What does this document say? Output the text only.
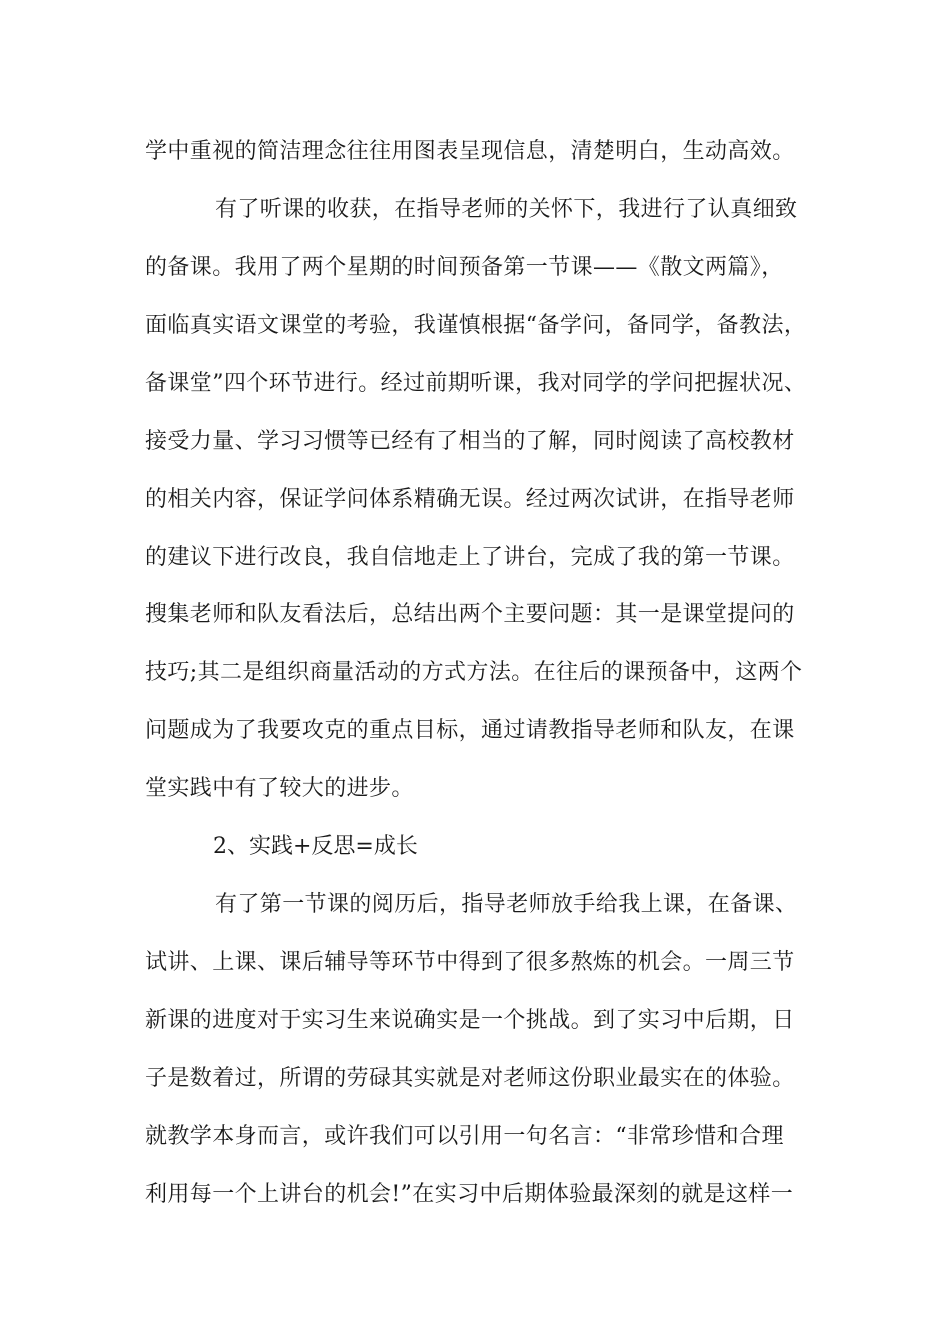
学中重视的简洁理念往往用图表呈现信息，清楚明白，生动高效。
有了听课的收获，在指导老师的关怀下，我进行了认真细致
的备课。我用了两个星期的时间预备第一节课——《散文两篇》，
面临真实语文课堂的考验，我谨慎根据“备学问，备同学，备教法，
备课堂”四个环节进行。经过前期听课，我对同学的学问把握状况、
接受力量、学习习惯等已经有了相当的了解，同时阅读了高校教材
的相关内容，保证学问体系精确无误。经过两次试讲，在指导老师
的建议下进行改良，我自信地走上了讲台，完成了我的第一节课。
搜集老师和队友看法后，总结出两个主要问题：其一是课堂提问的
技巧;其二是组织商量活动的方式方法。在往后的课预备中，这两个
问题成为了我要攻克的重点目标，通过请教指导老师和队友，在课
堂实践中有了较大的进步。
2、实践+反思=成长
有了第一节课的阅历后，指导老师放手给我上课，在备课、
试讲、上课、课后辅导等环节中得到了很多熬炼的机会。一周三节
新课的进度对于实习生来说确实是一个挑战。到了实习中后期，日
子是数着过，所谓的劳碌其实就是对老师这份职业最实在的体验。
就教学本身而言，或许我们可以引用一句名言：“非常珍惜和合理
利用每一个上讲台的机会!”在实习中后期体验最深刻的就是这样一
